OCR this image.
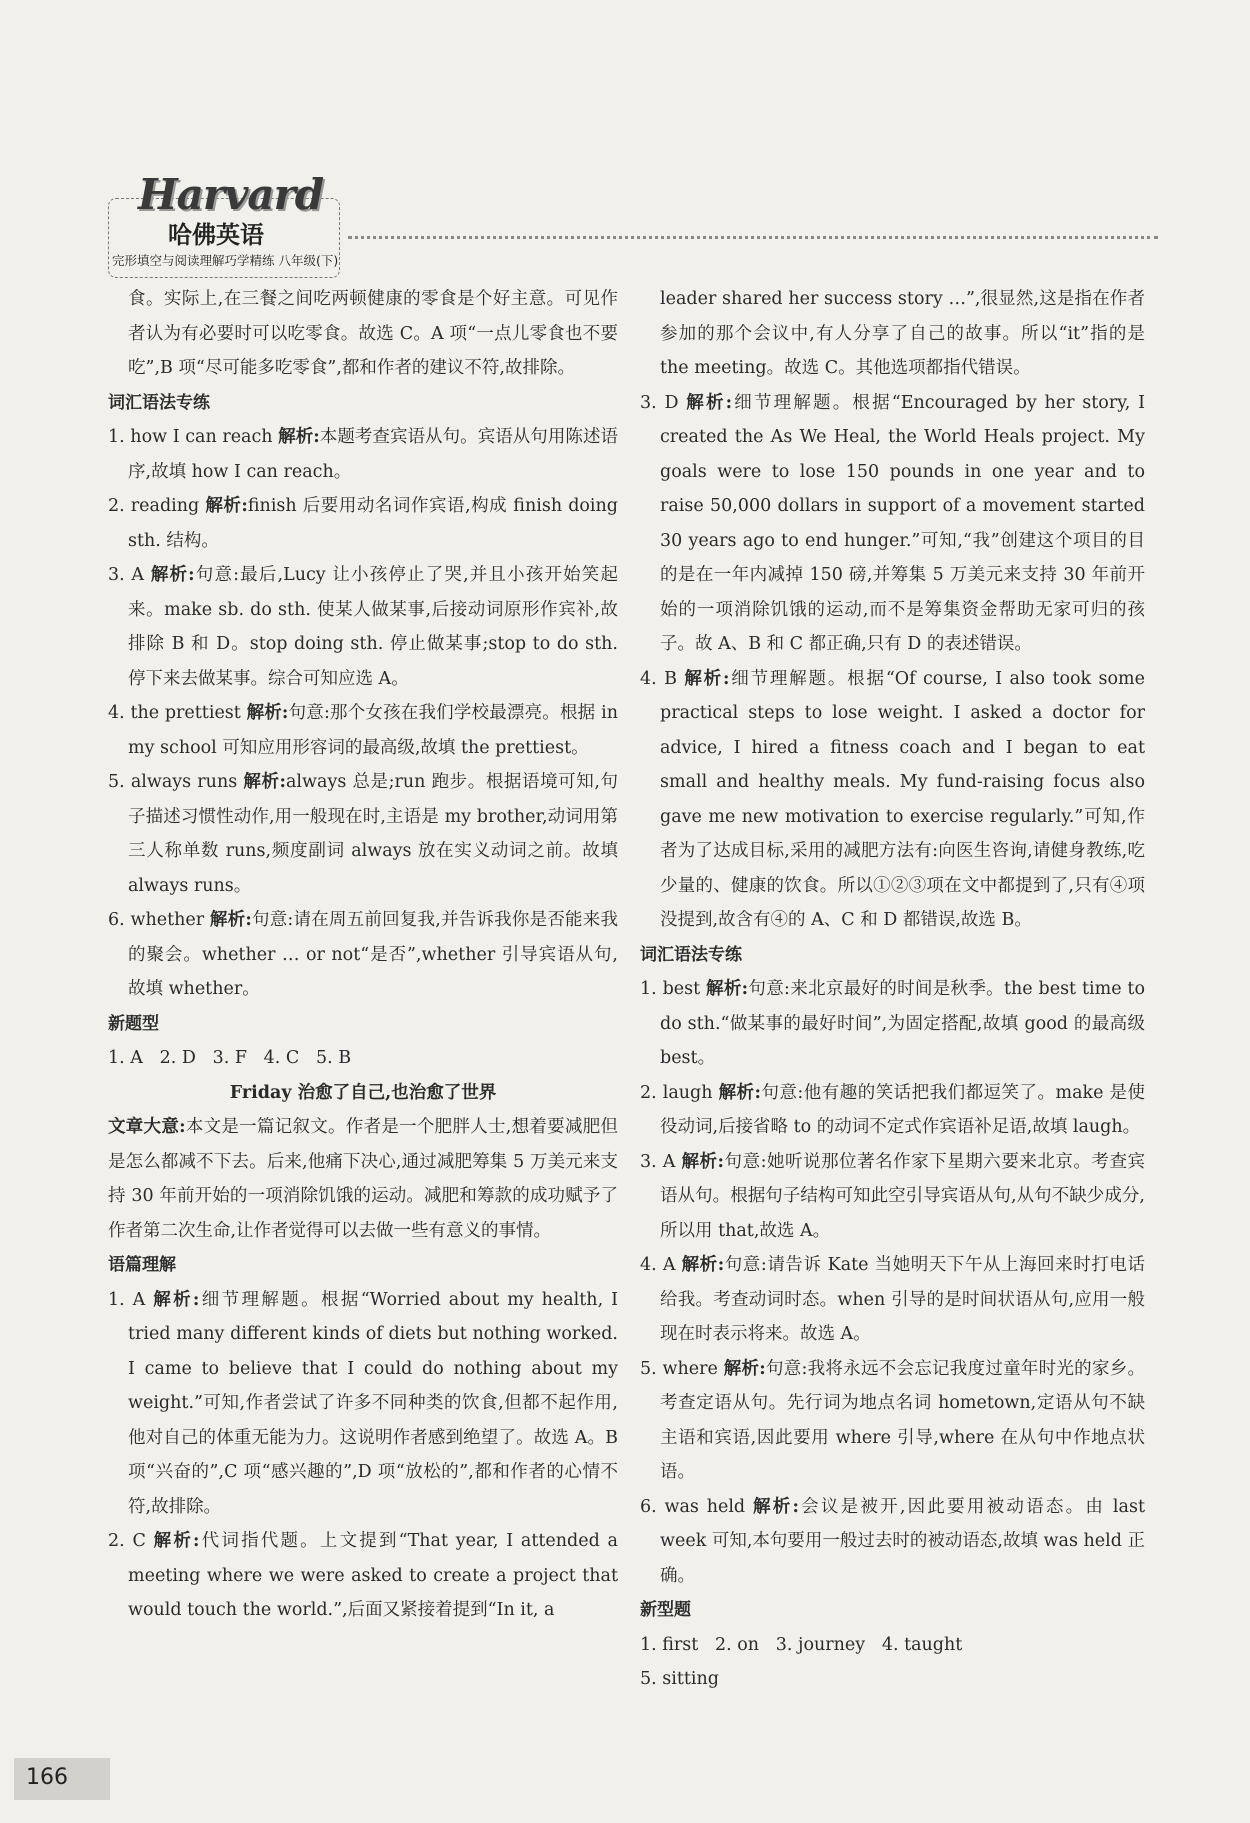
Harvard
哈佛英语
完形填空与阅读理解巧学精练 八年级(下)

食。实际上,在三餐之间吃两顿健康的零食是个好主意。可见作者认为有必要时可以吃零食。故选 C。A 项“一点儿零食也不要吃”,B 项“尽可能多吃零食”,都和作者的建议不符,故排除。

词汇语法专练

1. how I can reach 解析:本题考查宾语从句。宾语从句用陈述语序,故填 how I can reach。

2. reading 解析:finish 后要用动名词作宾语,构成 finish doing sth. 结构。

3. A 解析:句意:最后,Lucy 让小孩停止了哭,并且小孩开始笑起来。make sb. do sth. 使某人做某事,后接动词原形作宾补,故排除 B 和 D。stop doing sth. 停止做某事;stop to do sth. 停下来去做某事。综合可知应选 A。

4. the prettiest 解析:句意:那个女孩在我们学校最漂亮。根据 in my school 可知应用形容词的最高级,故填 the prettiest。

5. always runs 解析:always 总是;run 跑步。根据语境可知,句子描述习惯性动作,用一般现在时,主语是 my brother,动词用第三人称单数 runs,频度副词 always 放在实义动词之前。故填 always runs。

6. whether 解析:句意:请在周五前回复我,并告诉我你是否能来我的聚会。whether … or not“是否”,whether 引导宾语从句,故填 whether。

新题型

1. A   2. D   3. F   4. C   5. B

Friday 治愈了自己,也治愈了世界

文章大意:本文是一篇记叙文。作者是一个肥胖人士,想着要减肥但是怎么都减不下去。后来,他痛下决心,通过减肥筹集 5 万美元来支持 30 年前开始的一项消除饥饿的运动。减肥和筹款的成功赋予了作者第二次生命,让作者觉得可以去做一些有意义的事情。

语篇理解

1. A 解析:细节理解题。根据“Worried about my health, I tried many different kinds of diets but nothing worked. I came to believe that I could do nothing about my weight.”可知,作者尝试了许多不同种类的饮食,但都不起作用,他对自己的体重无能为力。这说明作者感到绝望了。故选 A。B 项“兴奋的”,C 项“感兴趣的”,D 项“放松的”,都和作者的心情不符,故排除。

2. C 解析:代词指代题。上文提到“That year, I attended a meeting where we were asked to create a project that would touch the world.”,后面又紧接着提到“In it, a

leader shared her success story …”,很显然,这是指在作者参加的那个会议中,有人分享了自己的故事。所以“it”指的是 the meeting。故选 C。其他选项都指代错误。

3. D 解析:细节理解题。根据“Encouraged by her story, I created the As We Heal, the World Heals project. My goals were to lose 150 pounds in one year and to raise 50,000 dollars in support of a movement started 30 years ago to end hunger.”可知,“我”创建这个项目的目的是在一年内减掉 150 磅,并筹集 5 万美元来支持 30 年前开始的一项消除饥饿的运动,而不是筹集资金帮助无家可归的孩子。故 A、B 和 C 都正确,只有 D 的表述错误。

4. B 解析:细节理解题。根据“Of course, I also took some practical steps to lose weight. I asked a doctor for advice, I hired a fitness coach and I began to eat small and healthy meals. My fund-raising focus also gave me new motivation to exercise regularly.”可知,作者为了达成目标,采用的减肥方法有:向医生咨询,请健身教练,吃少量的、健康的饮食。所以①②③项在文中都提到了,只有④项没提到,故含有④的 A、C 和 D 都错误,故选 B。

词汇语法专练

1. best 解析:句意:来北京最好的时间是秋季。the best time to do sth.“做某事的最好时间”,为固定搭配,故填 good 的最高级 best。

2. laugh 解析:句意:他有趣的笑话把我们都逗笑了。make 是使役动词,后接省略 to 的动词不定式作宾语补足语,故填 laugh。

3. A 解析:句意:她听说那位著名作家下星期六要来北京。考查宾语从句。根据句子结构可知此空引导宾语从句,从句不缺少成分,所以用 that,故选 A。

4. A 解析:句意:请告诉 Kate 当她明天下午从上海回来时打电话给我。考查动词时态。when 引导的是时间状语从句,应用一般现在时表示将来。故选 A。

5. where 解析:句意:我将永远不会忘记我度过童年时光的家乡。考查定语从句。先行词为地点名词 hometown,定语从句不缺主语和宾语,因此要用 where 引导,where 在从句中作地点状语。

6. was held 解析:会议是被开,因此要用被动语态。由 last week 可知,本句要用一般过去时的被动语态,故填 was held 正确。

新型题

1. first   2. on   3. journey   4. taught

5. sitting

166
